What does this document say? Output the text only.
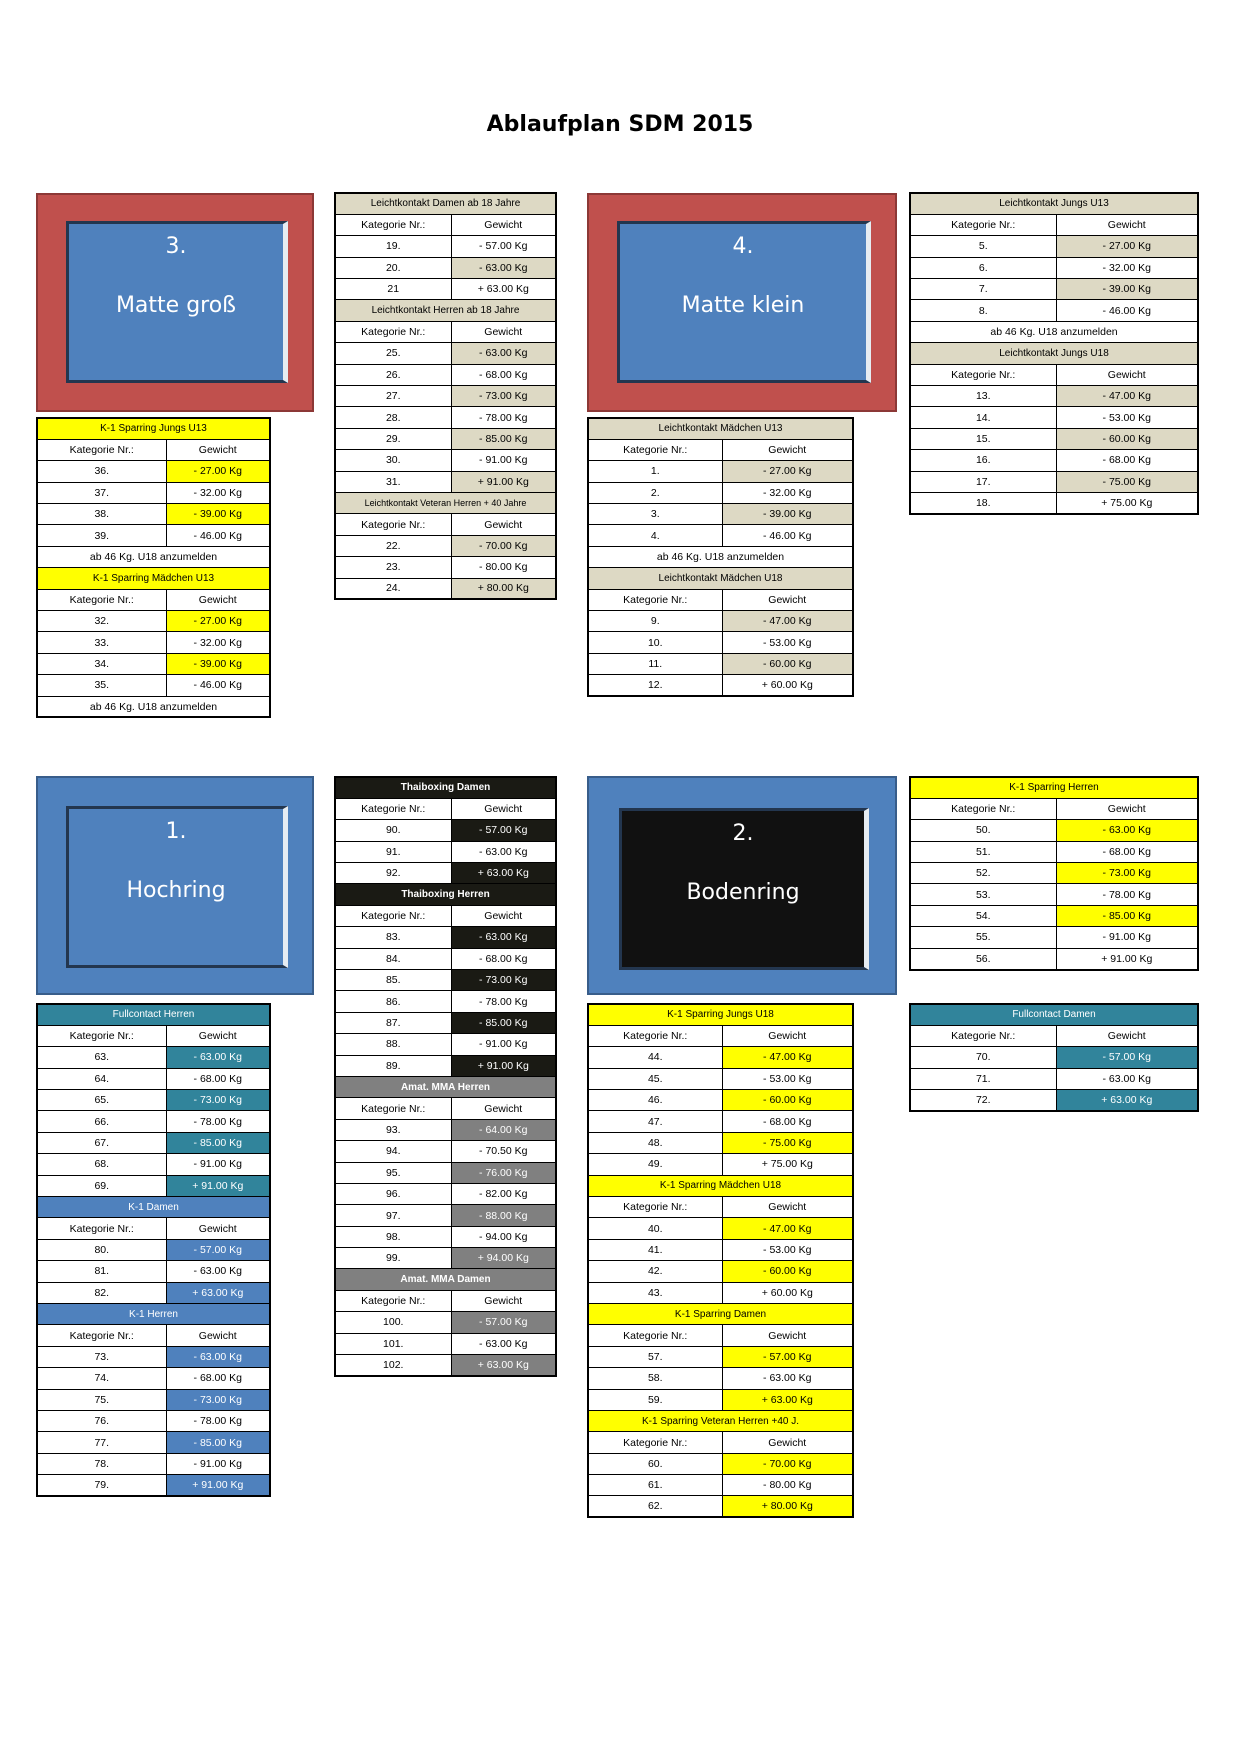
Ablaufplan SDM 2015
3.
Matte groß
4.
Matte klein
1.
Hochring
2.
Bodenring
Leichtkontakt Damen ab 18 Jahre	
Kategorie Nr.:	Gewicht
19.	- 57.00 Kg
20.	- 63.00 Kg
21	+ 63.00 Kg
Leichtkontakt Herren ab 18 Jahre	
Kategorie Nr.:	Gewicht
25.	- 63.00 Kg
26.	- 68.00 Kg
27.	- 73.00 Kg
28.	- 78.00 Kg
29.	- 85.00 Kg
30.	- 91.00 Kg
31.	+ 91.00 Kg
Leichtkontakt Veteran Herren + 40 Jahre	
Kategorie Nr.:	Gewicht
22.	- 70.00 Kg
23.	- 80.00 Kg
24.	+ 80.00 Kg
Leichtkontakt Jungs U13	
Kategorie Nr.:	Gewicht
5.	- 27.00 Kg
6.	- 32.00 Kg
7.	- 39.00 Kg
8.	- 46.00 Kg
ab 46 Kg. U18 anzumelden	
Leichtkontakt Jungs U18	
Kategorie Nr.:	Gewicht
13.	- 47.00 Kg
14.	- 53.00 Kg
15.	- 60.00 Kg
16.	- 68.00 Kg
17.	- 75.00 Kg
18.	+ 75.00 Kg
K-1 Sparring Jungs U13	
Kategorie Nr.:	Gewicht
36.	- 27.00 Kg
37.	- 32.00 Kg
38.	- 39.00 Kg
39.	- 46.00 Kg
ab 46 Kg. U18 anzumelden	
K-1 Sparring Mädchen U13	
Kategorie Nr.:	Gewicht
32.	- 27.00 Kg
33.	- 32.00 Kg
34.	- 39.00 Kg
35.	- 46.00 Kg
ab 46 Kg. U18 anzumelden	
Leichtkontakt Mädchen U13	
Kategorie Nr.:	Gewicht
1.	- 27.00 Kg
2.	- 32.00 Kg
3.	- 39.00 Kg
4.	- 46.00 Kg
ab 46 Kg. U18 anzumelden	
Leichtkontakt Mädchen U18	
Kategorie Nr.:	Gewicht
9.	- 47.00 Kg
10.	- 53.00 Kg
11.	- 60.00 Kg
12.	+ 60.00 Kg
Thaiboxing Damen	
Kategorie Nr.:	Gewicht
90.	- 57.00 Kg
91.	- 63.00 Kg
92.	+ 63.00 Kg
Thaiboxing Herren	
Kategorie Nr.:	Gewicht
83.	- 63.00 Kg
84.	- 68.00 Kg
85.	- 73.00 Kg
86.	- 78.00 Kg
87.	- 85.00 Kg
88.	- 91.00 Kg
89.	+ 91.00 Kg
Amat. MMA Herren	
Kategorie Nr.:	Gewicht
93.	- 64.00 Kg
94.	- 70.50 Kg
95.	- 76.00 Kg
96.	- 82.00 Kg
97.	- 88.00 Kg
98.	- 94.00 Kg
99.	+ 94.00 Kg
Amat. MMA Damen	
Kategorie Nr.:	Gewicht
100.	- 57.00 Kg
101.	- 63.00 Kg
102.	+ 63.00 Kg
K-1 Sparring Herren	
Kategorie Nr.:	Gewicht
50.	- 63.00 Kg
51.	- 68.00 Kg
52.	- 73.00 Kg
53.	- 78.00 Kg
54.	- 85.00 Kg
55.	- 91.00 Kg
56.	+ 91.00 Kg
Fullcontact Herren	
Kategorie Nr.:	Gewicht
63.	- 63.00 Kg
64.	- 68.00 Kg
65.	- 73.00 Kg
66.	- 78.00 Kg
67.	- 85.00 Kg
68.	- 91.00 Kg
69.	+ 91.00 Kg
K-1 Damen	
Kategorie Nr.:	Gewicht
80.	- 57.00 Kg
81.	- 63.00 Kg
82.	+ 63.00 Kg
K-1 Herren	
Kategorie Nr.:	Gewicht
73.	- 63.00 Kg
74.	- 68.00 Kg
75.	- 73.00 Kg
76.	- 78.00 Kg
77.	- 85.00 Kg
78.	- 91.00 Kg
79.	+ 91.00 Kg
K-1 Sparring Jungs U18	
Kategorie Nr.:	Gewicht
44.	- 47.00 Kg
45.	- 53.00 Kg
46.	- 60.00 Kg
47.	- 68.00 Kg
48.	- 75.00 Kg
49.	+ 75.00 Kg
K-1 Sparring Mädchen U18	
Kategorie Nr.:	Gewicht
40.	- 47.00 Kg
41.	- 53.00 Kg
42.	- 60.00 Kg
43.	+ 60.00 Kg
K-1 Sparring Damen	
Kategorie Nr.:	Gewicht
57.	- 57.00 Kg
58.	- 63.00 Kg
59.	+ 63.00 Kg
K-1 Sparring Veteran Herren +40 J.	
Kategorie Nr.:	Gewicht
60.	- 70.00 Kg
61.	- 80.00 Kg
62.	+ 80.00 Kg
Fullcontact Damen	
Kategorie Nr.:	Gewicht
70.	- 57.00 Kg
71.	- 63.00 Kg
72.	+ 63.00 Kg
